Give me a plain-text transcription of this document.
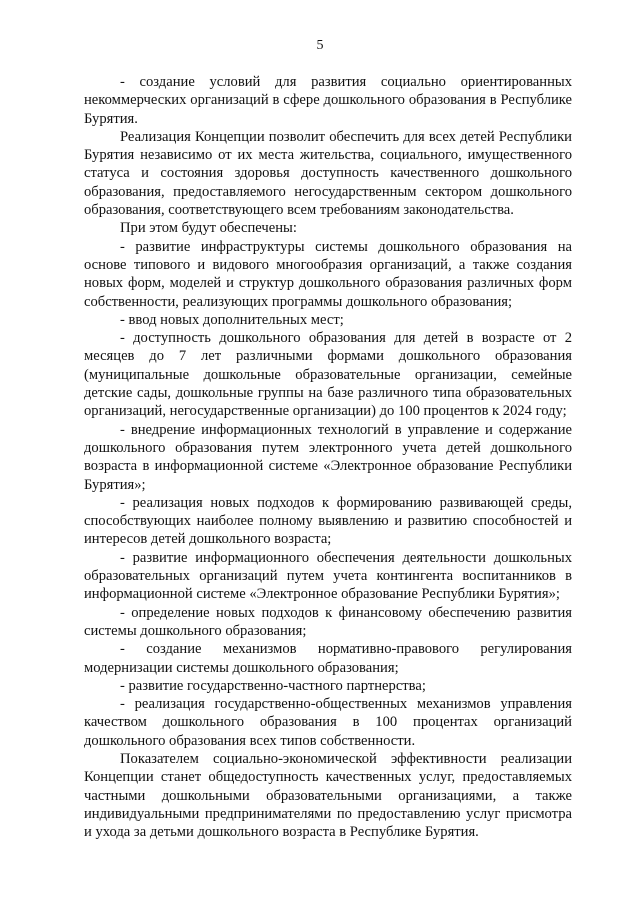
5

- создание условий для развития социально ориентированных некоммерческих организаций в сфере дошкольного образования в Республике Бурятия.

Реализация Концепции позволит обеспечить для всех детей Республики Бурятия независимо от их места жительства, социального, имущественного статуса и состояния здоровья доступность качественного дошкольного образования, предоставляемого негосударственным сектором дошкольного образования, соответствующего всем требованиям законодательства.

При этом будут обеспечены:

- развитие инфраструктуры системы дошкольного образования на основе типового и видового многообразия организаций, а также создания новых форм, моделей и структур дошкольного образования различных форм собственности, реализующих программы дошкольного образования;

- ввод новых дополнительных мест;

- доступность дошкольного образования для детей в возрасте от 2 месяцев до 7 лет различными формами дошкольного образования (муниципальные дошкольные образовательные организации, семейные детские сады, дошкольные группы на базе различного типа образовательных организаций, негосударственные организации) до 100 процентов к 2024 году;

- внедрение информационных технологий в управление и содержание дошкольного образования путем электронного учета детей дошкольного возраста в информационной системе «Электронное образование Республики Бурятия»;

- реализация новых подходов к формированию развивающей среды, способствующих наиболее полному выявлению и развитию способностей и интересов детей дошкольного возраста;

- развитие информационного обеспечения деятельности дошкольных образовательных организаций путем учета контингента воспитанников в информационной системе «Электронное образование Республики Бурятия»;

- определение новых подходов к финансовому обеспечению развития системы дошкольного образования;

- создание механизмов нормативно-правового регулирования модернизации системы дошкольного образования;

- развитие государственно-частного партнерства;

- реализация государственно-общественных механизмов управления качеством дошкольного образования в 100 процентах организаций дошкольного образования всех типов собственности.

Показателем социально-экономической эффективности реализации Концепции станет общедоступность качественных услуг, предоставляемых частными дошкольными образовательными организациями, а также индивидуальными предпринимателями по предоставлению услуг присмотра и ухода за детьми дошкольного возраста в Республике Бурятия.
